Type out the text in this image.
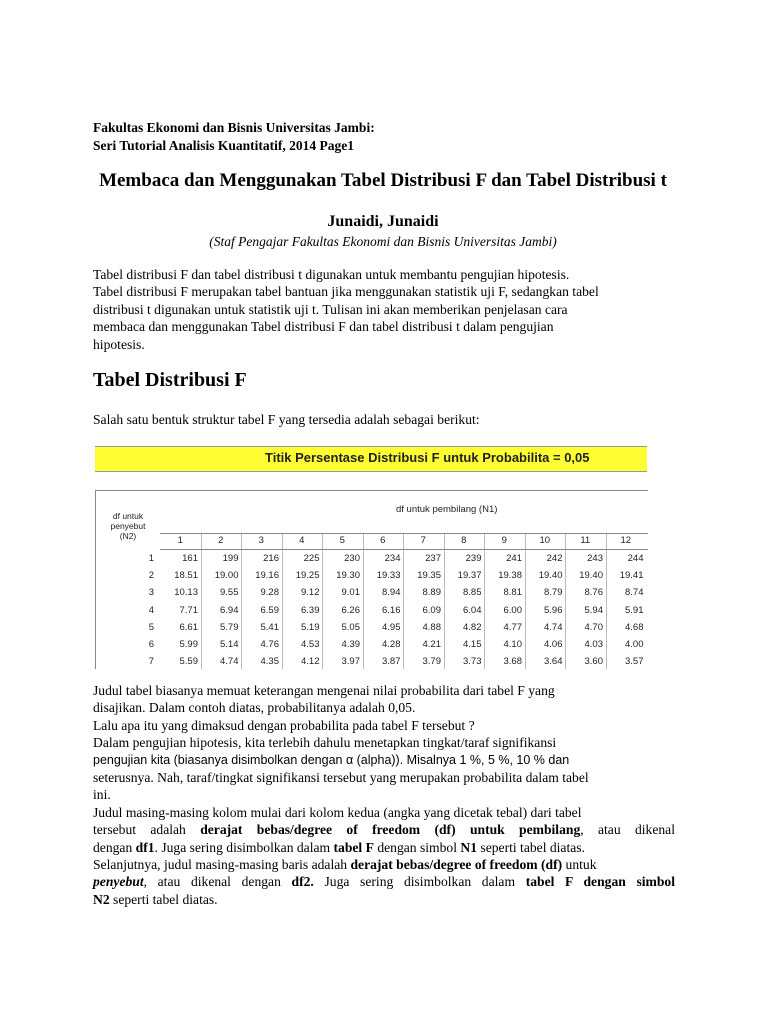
Fakultas Ekonomi dan Bisnis Universitas Jambi:
Seri Tutorial Analisis Kuantitatif, 2014 Page1
Membaca dan Menggunakan Tabel Distribusi F dan Tabel Distribusi t
Junaidi, Junaidi
(Staf Pengajar Fakultas Ekonomi dan Bisnis Universitas Jambi)

Tabel distribusi F dan tabel distribusi t digunakan untuk membantu pengujian hipotesis.
Tabel distribusi F merupakan tabel bantuan jika menggunakan statistik uji F, sedangkan tabel
distribusi t digunakan untuk statistik uji t. Tulisan ini akan memberikan penjelasan cara
membaca dan menggunakan Tabel distribusi F dan tabel distribusi t dalam pengujian
hipotesis.

Tabel Distribusi F

Salah satu bentuk struktur tabel F yang tersedia adalah sebagai berikut:

Titik Persentase Distribusi F untuk Probabilita = 0,05
df untuk
penyebut
(N2)
df untuk pembilang (N1)
1	2	3	4	5	6	7	8	9	10	11	12
1	161	199	216	225	230	234	237	239	241	242	243	244
2	18.51	19.00	19.16	19.25	19.30	19.33	19.35	19.37	19.38	19.40	19.40	19.41
3	10.13	9.55	9.28	9.12	9.01	8.94	8.89	8.85	8.81	8.79	8.76	8.74
4	7.71	6.94	6.59	6.39	6.26	6.16	6.09	6.04	6.00	5.96	5.94	5.91
5	6.61	5.79	5.41	5.19	5.05	4.95	4.88	4.82	4.77	4.74	4.70	4.68
6	5.99	5.14	4.76	4.53	4.39	4.28	4.21	4.15	4.10	4.06	4.03	4.00
7	5.59	4.74	4.35	4.12	3.97	3.87	3.79	3.73	3.68	3.64	3.60	3.57
Judul tabel biasanya memuat keterangan mengenai nilai probabilita dari tabel F yang
disajikan. Dalam contoh diatas, probabilitanya adalah 0,05.
Lalu apa itu yang dimaksud dengan probabilita pada tabel F tersebut ?
Dalam pengujian hipotesis, kita terlebih dahulu menetapkan tingkat/taraf signifikansi
pengujian kita (biasanya disimbolkan dengan α (alpha)). Misalnya 1 %, 5 %, 10 % dan
seterusnya. Nah, taraf/tingkat signifikansi tersebut yang merupakan probabilita dalam tabel
ini.
Judul masing-masing kolom mulai dari kolom kedua (angka yang dicetak tebal) dari tabel
tersebut adalah derajat bebas/degree of freedom (df) untuk pembilang, atau dikenal
dengan df1. Juga sering disimbolkan dalam tabel F dengan simbol N1 seperti tabel diatas.
Selanjutnya, judul masing-masing baris adalah derajat bebas/degree of freedom (df) untuk
penyebut, atau dikenal dengan df2. Juga sering disimbolkan dalam tabel F dengan simbol
N2 seperti tabel diatas.
